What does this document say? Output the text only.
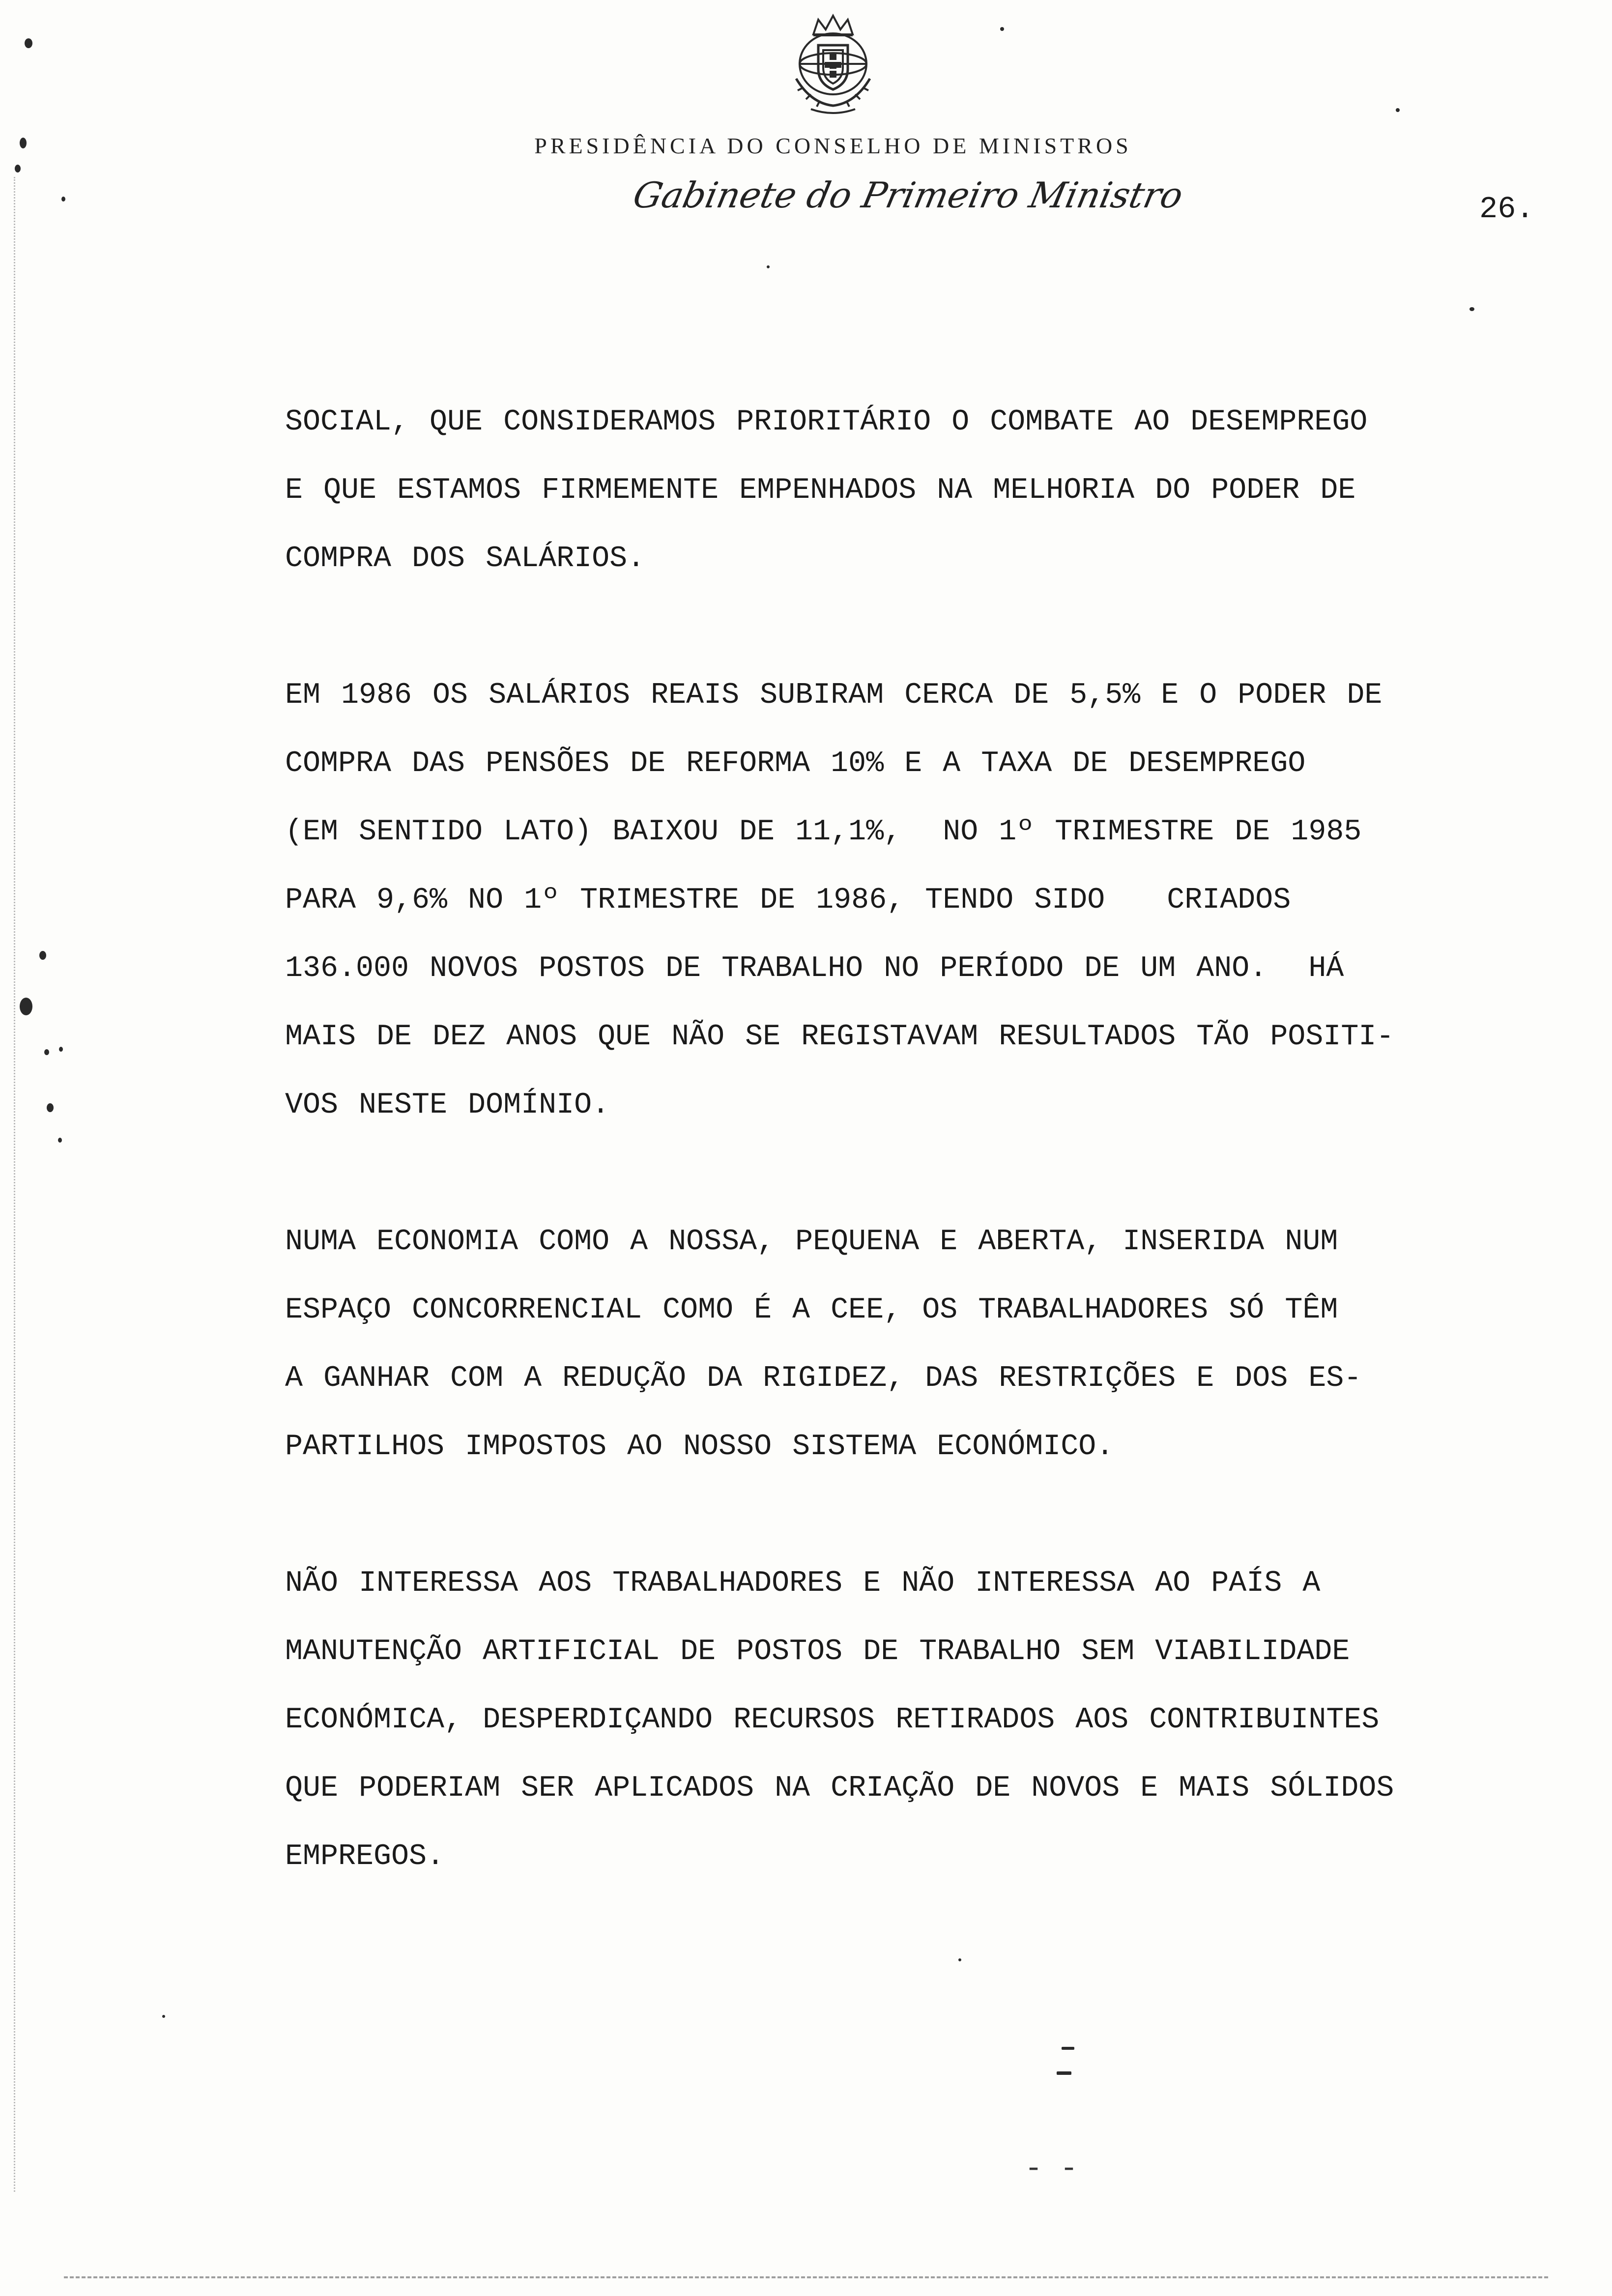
PRESIDÊNCIA DO CONSELHO DE MINISTROS
Gabinete do Primeiro Ministro	26.

SOCIAL, QUE CONSIDERAMOS PRIORITÁRIO O COMBATE AO DESEMPREGO
E QUE ESTAMOS FIRMEMENTE EMPENHADOS NA MELHORIA DO PODER DE
COMPRA DOS SALÁRIOS.

EM 1986 OS SALÁRIOS REAIS SUBIRAM CERCA DE 5,5% E O PODER DE
COMPRA DAS PENSÕES DE REFORMA 10% E A TAXA DE DESEMPREGO
(EM SENTIDO LATO) BAIXOU DE 11,1%,  NO 1º TRIMESTRE DE 1985
PARA 9,6% NO 1º TRIMESTRE DE 1986, TENDO SIDO   CRIADOS
136.000 NOVOS POSTOS DE TRABALHO NO PERÍODO DE UM ANO.  HÁ
MAIS DE DEZ ANOS QUE NÃO SE REGISTAVAM RESULTADOS TÃO POSITI-
VOS NESTE DOMÍNIO.

NUMA ECONOMIA COMO A NOSSA, PEQUENA E ABERTA, INSERIDA NUM
ESPAÇO CONCORRENCIAL COMO É A CEE, OS TRABALHADORES SÓ TÊM
A GANHAR COM A REDUÇÃO DA RIGIDEZ, DAS RESTRIÇÕES E DOS ES-
PARTILHOS IMPOSTOS AO NOSSO SISTEMA ECONÓMICO.

NÃO INTERESSA AOS TRABALHADORES E NÃO INTERESSA AO PAÍS A
MANUTENÇÃO ARTIFICIAL DE POSTOS DE TRABALHO SEM VIABILIDADE
ECONÓMICA, DESPERDIÇANDO RECURSOS RETIRADOS AOS CONTRIBUINTES
QUE PODERIAM SER APLICADOS NA CRIAÇÃO DE NOVOS E MAIS SÓLIDOS
EMPREGOS.

- -
